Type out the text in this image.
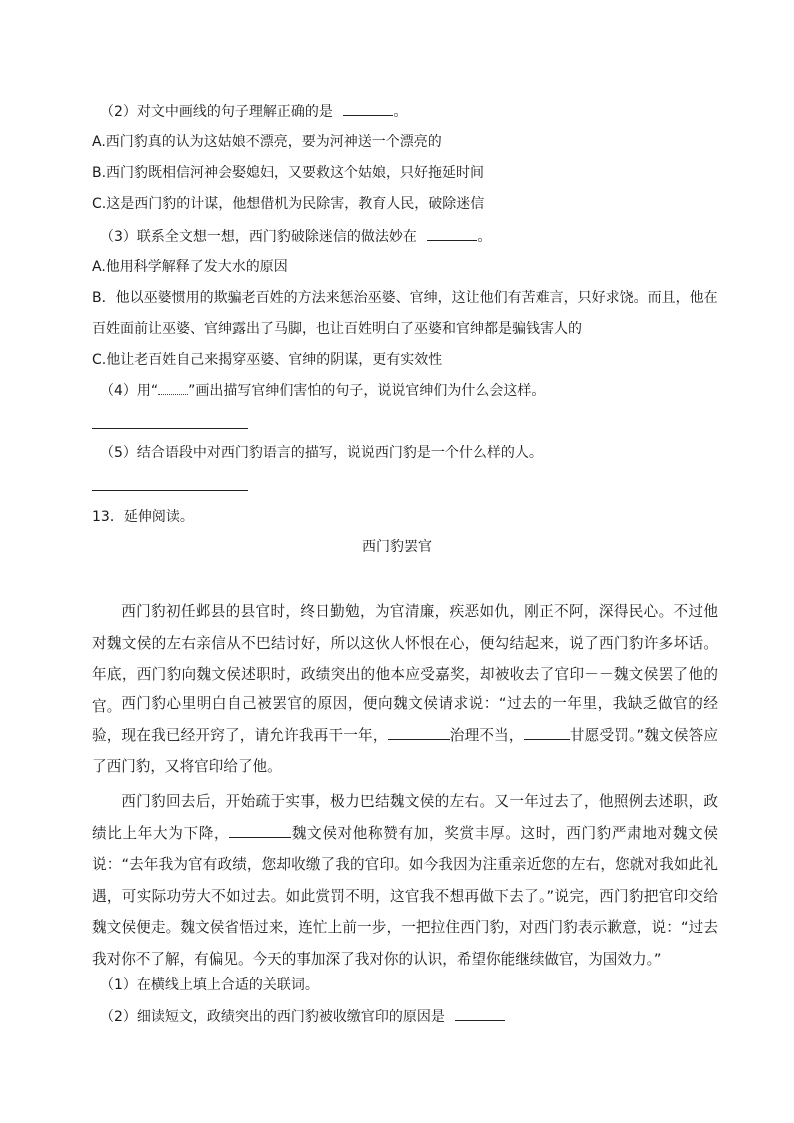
（2）对文中画线的句子理解正确的是	。
A.西门豹真的认为这姑娘不漂亮，要为河神送一个漂亮的
B.西门豹既相信河神会娶媳妇，又要救这个姑娘，只好拖延时间
C.这是西门豹的计谋，他想借机为民除害，教育人民，破除迷信
（3）联系全文想一想，西门豹破除迷信的做法妙在	。
A.他用科学解释了发大水的原因
B．他以巫婆惯用的欺骗老百姓的方法来惩治巫婆、官绅，这让他们有苦难言，只好求饶。而且，他在
百姓面前让巫婆、官绅露出了马脚，也让百姓明白了巫婆和官绅都是骗钱害人的
C.他让老百姓自己来揭穿巫婆、官绅的阴谋，更有实效性
（4）用“ ”画出描写官绅们害怕的句子，说说官绅们为什么会这样。
（5）结合语段中对西门豹语言的描写，说说西门豹是一个什么样的人。
13．延伸阅读。
西门豹罢官
西门豹初任邺县的县官时，终日勤勉，为官清廉，疾恶如仇，刚正不阿，深得民心。不过他对魏文侯的左右亲信从不巴结讨好，所以这伙人怀恨在心，便勾结起来，说了西门豹许多坏话。年底，西门豹向魏文侯述职时，政绩突出的他本应受嘉奖，却被收去了官印－－魏文侯罢了他的官。 西门豹心里明白自己被罢官的原因，便向魏文侯请求说：“过去的一年里，我缺乏做官的经验，现在我已经开窍了，请允许我再干一年，	治理不当，	甘愿受罚。”魏文侯答应了西门豹，又将官印给了他。
西门豹回去后，开始疏于实事，极力巴结魏文侯的左右。又一年过去了，他照例去述职，政绩比上年大为下降，	魏文侯对他称赞有加，奖赏丰厚。这时，西门豹严肃地对魏文侯说：“去年我为官有政绩，您却收缴了我的官印。如今我因为注重亲近您的左右，您就对我如此礼遇，可实际功劳大不如过去。如此赏罚不明，这官我不想再做下去了。”说完，西门豹把官印交给魏文侯便走。魏文侯省悟过来，连忙上前一步，一把拉住西门豹，对西门豹表示歉意，说：“过去我对你不了解，有偏见。今天的事加深了我对你的认识，希望你能继续做官，为国效力。”
（1）在横线上填上合适的关联词。
（2）细读短文，政绩突出的西门豹被收缴官印的原因是
